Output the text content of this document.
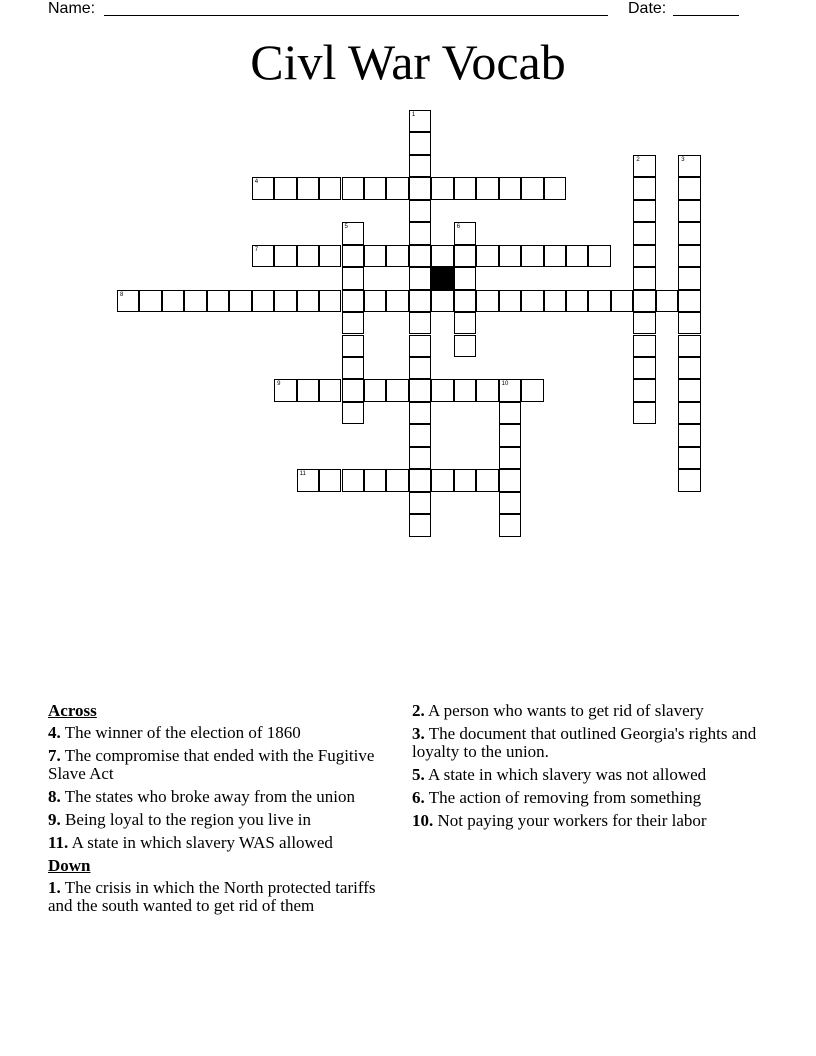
Name:	Date:
Civl War Vocab
1
2	3
4
5	6
7
8
9	10
11
Across
4. The winner of the election of 1860
7. The compromise that ended with the Fugitive Slave Act
8. The states who broke away from the union
9. Being loyal to the region you live in
11. A state in which slavery WAS allowed
Down
1. The crisis in which the North protected tariffs and the south wanted to get rid of them
2. A person who wants to get rid of slavery
3. The document that outlined Georgia's rights and loyalty to the union.
5. A state in which slavery was not allowed
6. The action of removing from something
10. Not paying your workers for their labor
